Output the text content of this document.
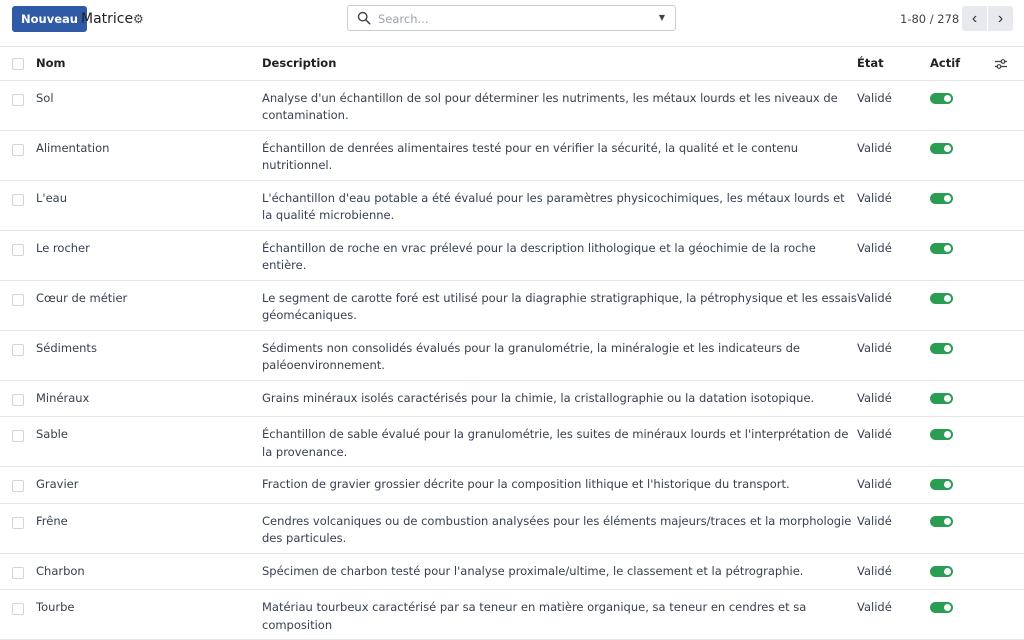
Nouveau Matrice ⚙
Search...	▼	1-80 / 278 ‹	›
	Nom	Description	État	Actif	
	Sol	Analyse d'un échantillon de sol pour déterminer les nutriments, les métaux lourds et les niveaux de contamination.	Validé		
	Alimentation	Échantillon de denrées alimentaires testé pour en vérifier la sécurité, la qualité et le contenu nutritionnel.	Validé		
	L'eau	L'échantillon d'eau potable a été évalué pour les paramètres physicochimiques, les métaux lourds et la qualité microbienne.	Validé		
	Le rocher	Échantillon de roche en vrac prélevé pour la description lithologique et la géochimie de la roche entière.	Validé		
	Cœur de métier	Le segment de carotte foré est utilisé pour la diagraphie stratigraphique, la pétrophysique et les essais géomécaniques.	Validé		
	Sédiments	Sédiments non consolidés évalués pour la granulométrie, la minéralogie et les indicateurs de paléoenvironnement.	Validé		
	Minéraux	Grains minéraux isolés caractérisés pour la chimie, la cristallographie ou la datation isotopique.	Validé		
	Sable	Échantillon de sable évalué pour la granulométrie, les suites de minéraux lourds et l'interprétation de la provenance.	Validé		
	Gravier	Fraction de gravier grossier décrite pour la composition lithique et l'historique du transport.	Validé		
	Frêne	Cendres volcaniques ou de combustion analysées pour les éléments majeurs/traces et la morphologie des particules.	Validé		
	Charbon	Spécimen de charbon testé pour l'analyse proximale/ultime, le classement et la pétrographie.	Validé		
	Tourbe	Matériau tourbeux caractérisé par sa teneur en matière organique, sa teneur en cendres et sa composition	Validé		
